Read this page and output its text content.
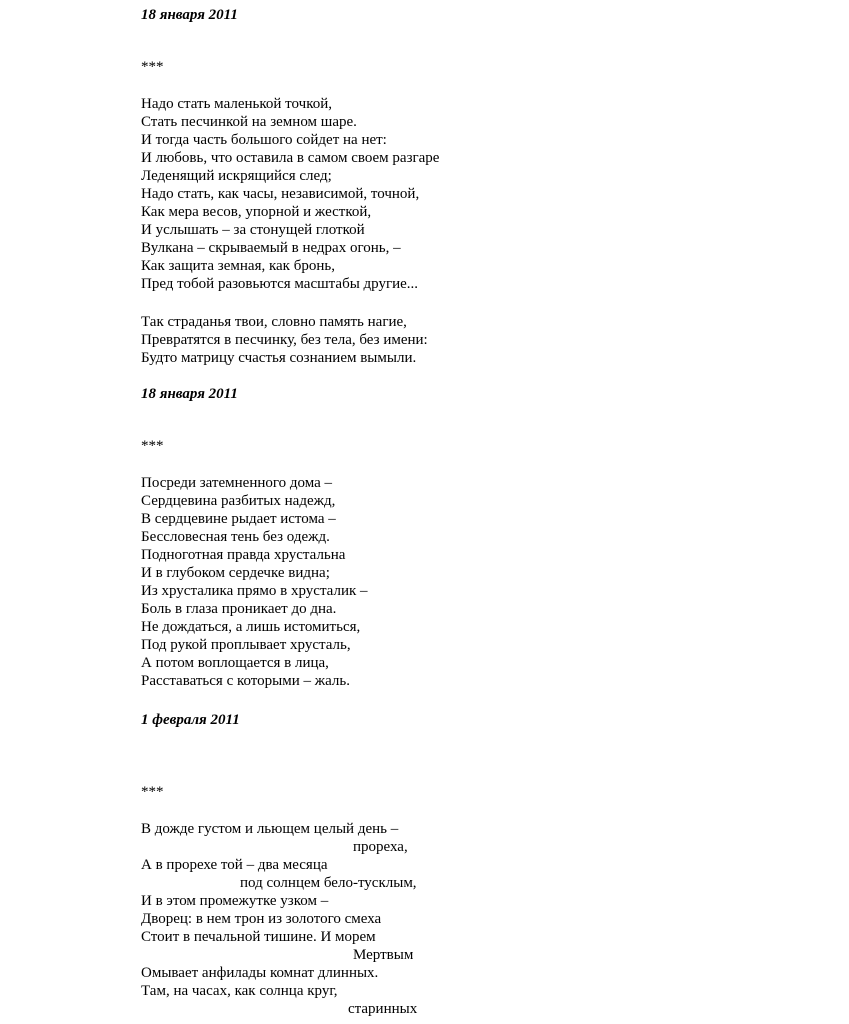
18 января 2011
***
Надо стать маленькой точкой,
Стать песчинкой на земном шаре.
И тогда часть большого сойдет на нет:
И любовь, что оставила в самом своем разгаре
Леденящий искрящийся след;
Надо стать, как часы, независимой, точной,
Как мера весов, упорной и жесткой,
И услышать – за стонущей глоткой
Вулкана – скрываемый в недрах огонь, –
Как защита земная, как бронь,
Пред тобой разовьются масштабы другие...
Так страданья твои, словно память нагие,
Превратятся в песчинку, без тела, без имени:
Будто матрицу счастья сознанием вымыли.
18 января 2011
***
Посреди затемненного дома –
Сердцевина разбитых надежд,
В сердцевине рыдает истома –
Бессловесная тень без одежд.
Подноготная правда хрустальна
И в глубоком сердечке видна;
Из хрусталика прямо в хрусталик –
Боль в глаза проникает до дна.
Не дождаться, а лишь истомиться,
Под рукой проплывает хрусталь,
А потом воплощается в лица,
Расставаться с которыми – жаль.
1 февраля 2011
***
В дожде густом и льющем целый день –
прореха,
А в прорехе той – два месяца
под солнцем бело-тусклым,
И в этом промежутке узком –
Дворец: в нем трон из золотого смеха
Стоит в печальной тишине. И морем
Мертвым
Омывает анфилады комнат длинных.
Там, на часах, как солнца круг,
старинных
